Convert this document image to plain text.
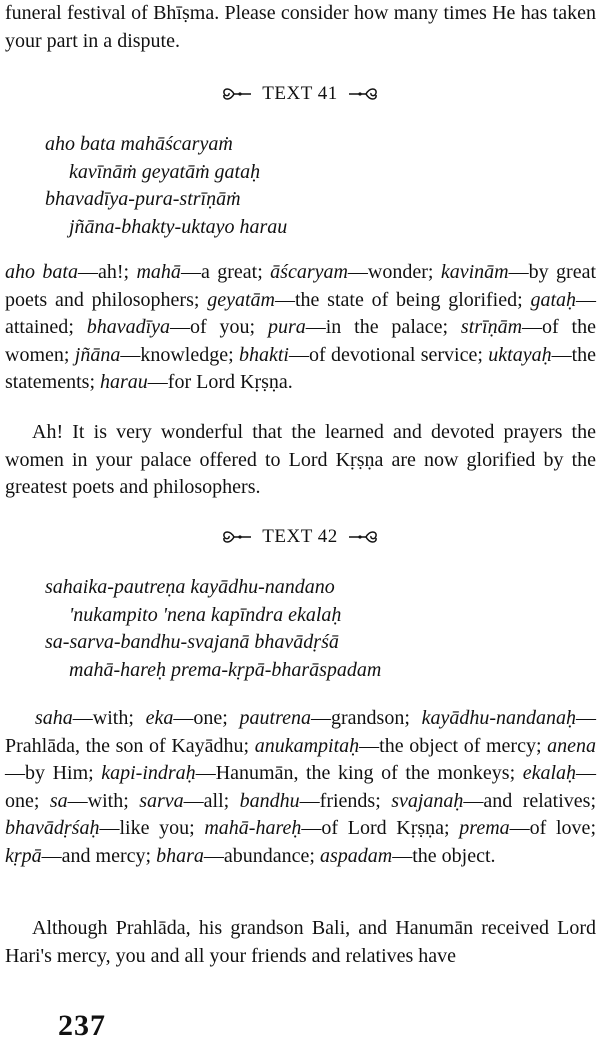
funeral festival of Bhīṣma. Please consider how many times He has taken your part in a dispute.

TEXT 41
aho bata mahāścaryaṁ
kavīnāṁ geyatāṁ gataḥ
bhavadīya-pura-strīṇāṁ
jñāna-bhakty-uktayo harau

aho bata—ah!; mahā—a great; āścaryam—wonder; kavinām—by great poets and philosophers; geyatām—the state of being glorified; gataḥ—attained; bhavadīya—of you; pura—in the palace; strīṇām—of the women; jñāna—knowledge; bhakti—of devotional service; uktayaḥ—the statements; harau—for Lord Kṛṣṇa.

Ah! It is very wonderful that the learned and devoted prayers the women in your palace offered to Lord Kṛṣṇa are now glorified by the greatest poets and philosophers.

TEXT 42
sahaika-pautreṇa kayādhu-nandano
'nukampito 'nena kapīndra ekalaḥ
sa-sarva-bandhu-svajanā bhavādṛśā
mahā-hareḥ prema-kṛpā-bharāspadam

saha—with; eka—one; pautrena—grandson; kayādhu-nandanaḥ—Prahlāda, the son of Kayādhu; anukampitaḥ—the object of mercy; anena—by Him; kapi-indraḥ—Hanumān, the king of the monkeys; ekalaḥ—one; sa—with; sarva—all; bandhu—friends; svajanaḥ—and relatives; bhavādṛśaḥ—like you; mahā-hareḥ—of Lord Kṛṣṇa; prema—of love; kṛpā—and mercy; bhara—abundance; aspadam—the object.

Although Prahlāda, his grandson Bali, and Hanumān received Lord Hari's mercy, you and all your friends and relatives have

237
